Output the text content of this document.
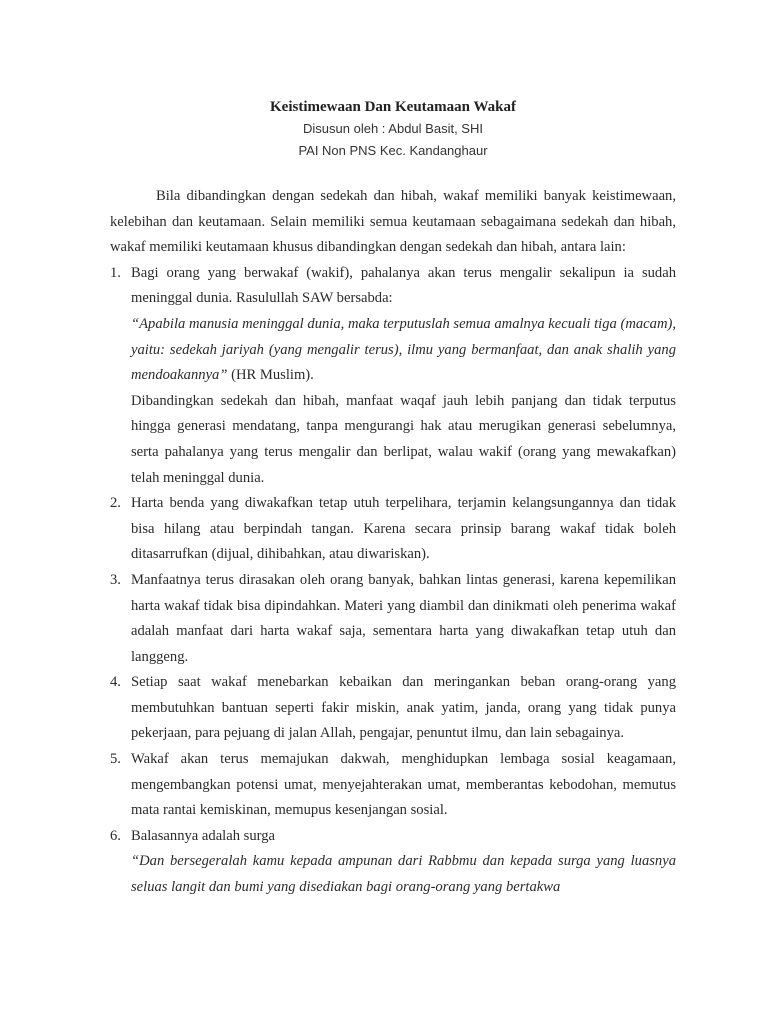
Keistimewaan Dan Keutamaan Wakaf

Disusun oleh : Abdul Basit, SHI

PAI Non PNS Kec. Kandanghaur

Bila dibandingkan dengan sedekah dan hibah, wakaf memiliki banyak keistimewaan, kelebihan dan keutamaan. Selain memiliki semua keutamaan sebagaimana sedekah dan hibah, wakaf memiliki keutamaan khusus dibandingkan dengan sedekah dan hibah, antara lain:

1. Bagi orang yang berwakaf (wakif), pahalanya akan terus mengalir sekalipun ia sudah meninggal dunia. Rasulullah SAW bersabda:

“Apabila manusia meninggal dunia, maka terputuslah semua amalnya kecuali tiga (macam), yaitu: sedekah jariyah (yang mengalir terus), ilmu yang bermanfaat, dan anak shalih yang mendoakannya” (HR Muslim).

Dibandingkan sedekah dan hibah, manfaat waqaf jauh lebih panjang dan tidak terputus hingga generasi mendatang, tanpa mengurangi hak atau merugikan generasi sebelumnya, serta pahalanya yang terus mengalir dan berlipat, walau wakif (orang yang mewakafkan) telah meninggal dunia.

2. Harta benda yang diwakafkan tetap utuh terpelihara, terjamin kelangsungannya dan tidak bisa hilang atau berpindah tangan. Karena secara prinsip barang wakaf tidak boleh ditasarrufkan (dijual, dihibahkan, atau diwariskan).

3. Manfaatnya terus dirasakan oleh orang banyak, bahkan lintas generasi, karena kepemilikan harta wakaf tidak bisa dipindahkan. Materi yang diambil dan dinikmati oleh penerima wakaf adalah manfaat dari harta wakaf saja, sementara harta yang diwakafkan tetap utuh dan langgeng.

4. Setiap saat wakaf menebarkan kebaikan dan meringankan beban orang-orang yang membutuhkan bantuan seperti fakir miskin, anak yatim, janda, orang yang tidak punya pekerjaan, para pejuang di jalan Allah, pengajar, penuntut ilmu, dan lain sebagainya.

5. Wakaf akan terus memajukan dakwah, menghidupkan lembaga sosial keagamaan, mengembangkan potensi umat, menyejahterakan umat, memberantas kebodohan, memutus mata rantai kemiskinan, memupus kesenjangan sosial.

6. Balasannya adalah surga

“Dan bersegeralah kamu kepada ampunan dari Rabbmu dan kepada surga yang luasnya seluas langit dan bumi yang disediakan bagi orang-orang yang bertakwa
